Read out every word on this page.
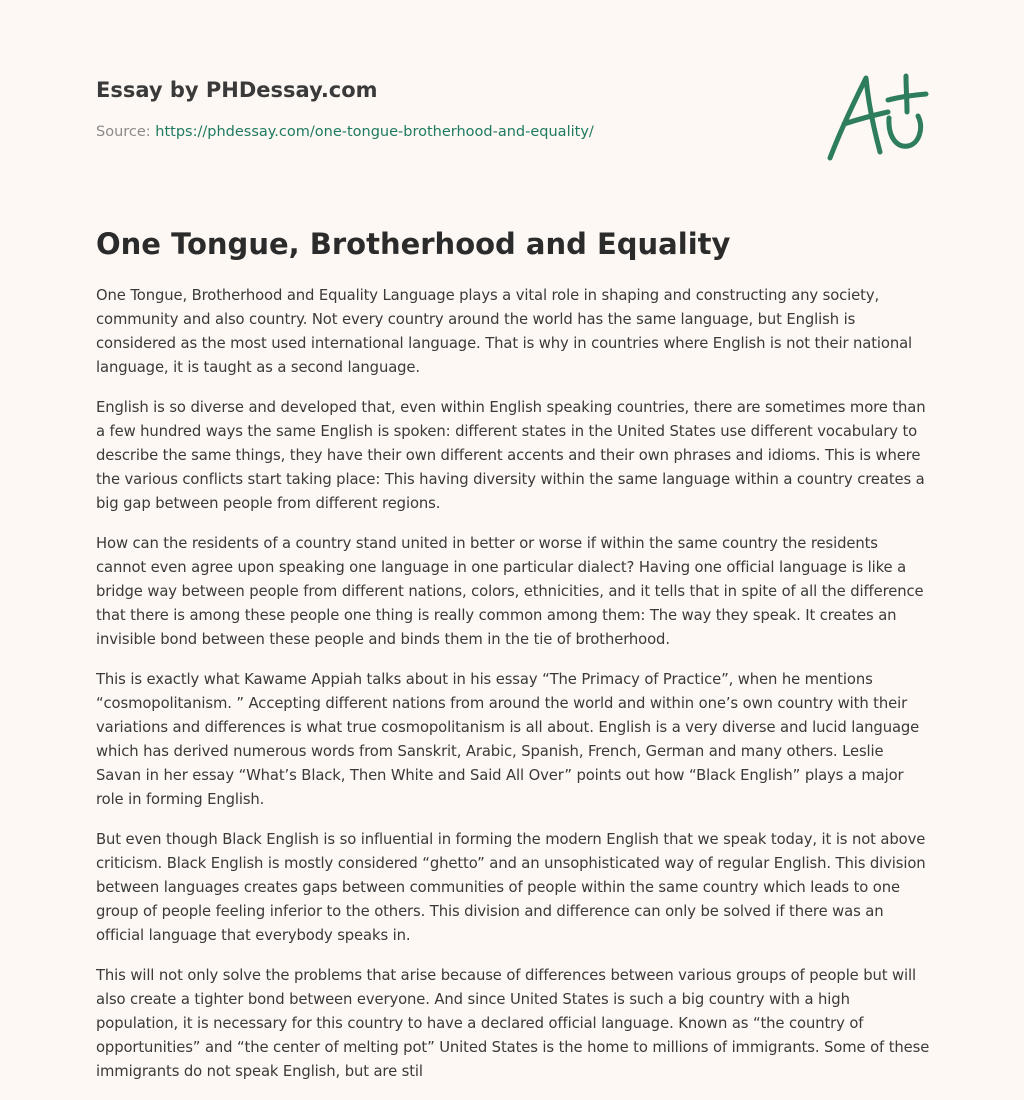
Essay by PHDessay.com
Source: https://phdessay.com/one-tongue-brotherhood-and-equality/
One Tongue, Brotherhood and Equality

One Tongue, Brotherhood and Equality Language plays a vital role in shaping and constructing any society, community and also country. Not every country around the world has the same language, but English is considered as the most used international language. That is why in countries where English is not their national language, it is taught as a second language.

English is so diverse and developed that, even within English speaking countries, there are sometimes more than a few hundred ways the same English is spoken: different states in the United States use different vocabulary to describe the same things, they have their own different accents and their own phrases and idioms. This is where the various conflicts start taking place: This having diversity within the same language within a country creates a big gap between people from different regions.

How can the residents of a country stand united in better or worse if within the same country the residents cannot even agree upon speaking one language in one particular dialect? Having one official language is like a bridge way between people from different nations, colors, ethnicities, and it tells that in spite of all the difference that there is among these people one thing is really common among them: The way they speak. It creates an invisible bond between these people and binds them in the tie of brotherhood.

This is exactly what Kawame Appiah talks about in his essay “The Primacy of Practice”, when he mentions “cosmopolitanism. ” Accepting different nations from around the world and within one’s own country with their variations and differences is what true cosmopolitanism is all about. English is a very diverse and lucid language which has derived numerous words from Sanskrit, Arabic, Spanish, French, German and many others. Leslie Savan in her essay “What’s Black, Then White and Said All Over” points out how “Black English” plays a major role in forming English.

But even though Black English is so influential in forming the modern English that we speak today, it is not above criticism. Black English is mostly considered “ghetto” and an unsophisticated way of regular English. This division between languages creates gaps between communities of people within the same country which leads to one group of people feeling inferior to the others. This division and difference can only be solved if there was an official language that everybody speaks in.

This will not only solve the problems that arise because of differences between various groups of people but will also create a tighter bond between everyone. And since United States is such a big country with a high population, it is necessary for this country to have a declared official language. Known as “the country of opportunities” and “the center of melting pot” United States is the home to millions of immigrants. Some of these immigrants do not speak English, but are stil
